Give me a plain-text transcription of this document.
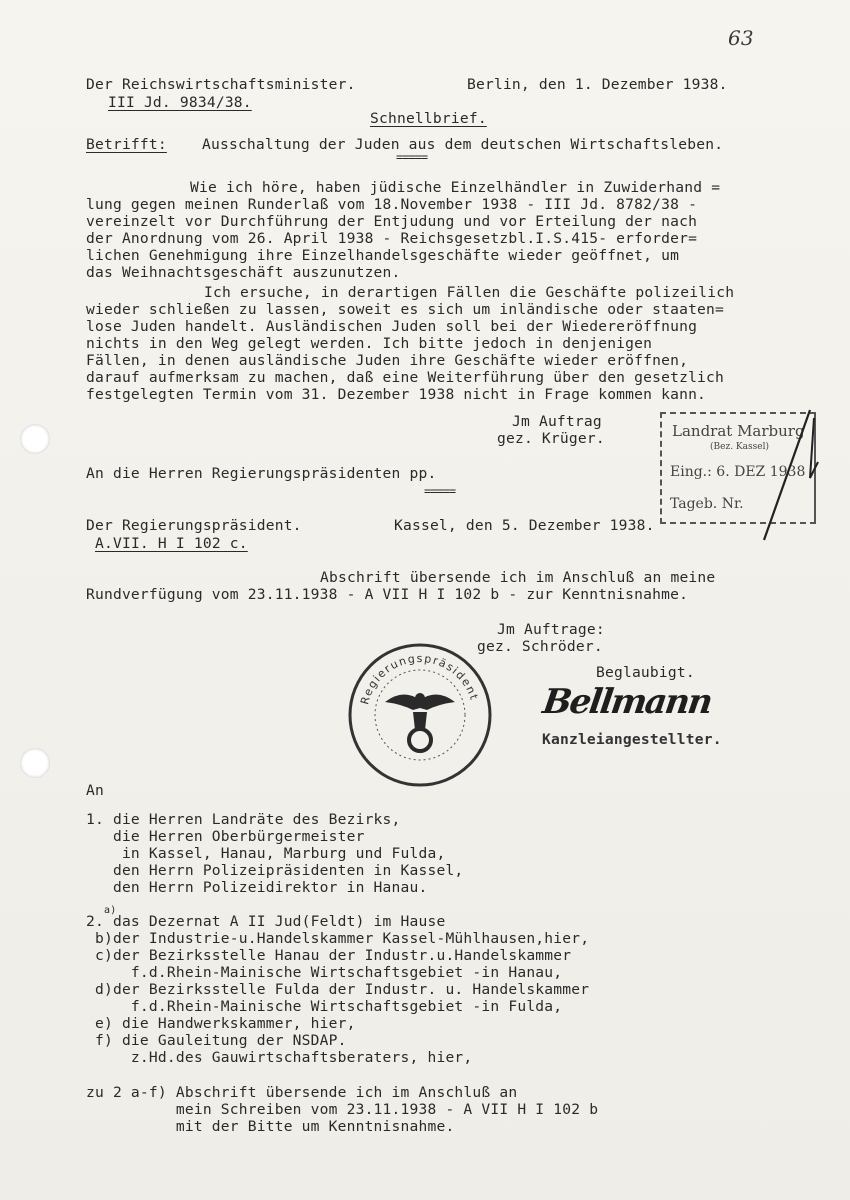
63
Der Reichswirtschaftsminister.	Berlin, den 1. Dezember 1938.
III Jd. 9834/38.
Schnellbrief.
Betrifft: Ausschaltung der Juden aus dem deutschen Wirtschaftsleben.
=====
Wie ich höre, haben jüdische Einzelhändler in Zuwiderhand =
lung gegen meinen Runderlaß vom 18.November 1938 - III Jd. 8782/38 -
vereinzelt vor Durchführung der Entjudung und vor Erteilung der nach
der Anordnung vom 26. April 1938 - Reichsgesetzbl.I.S.415- erforder=
lichen Genehmigung ihre Einzelhandelsgeschäfte wieder geöffnet, um
das Weihnachtsgeschäft auszunutzen.
Ich ersuche, in derartigen Fällen die Geschäfte polizeilich
wieder schließen zu lassen, soweit es sich um inländische oder staaten=
lose Juden handelt. Ausländischen Juden soll bei der Wiedereröffnung
nichts in den Weg gelegt werden. Ich bitte jedoch in denjenigen
Fällen, in denen ausländische Juden ihre Geschäfte wieder eröffnen,
darauf aufmerksam zu machen, daß eine Weiterführung über den gesetzlich
festgelegten Termin vom 31. Dezember 1938 nicht in Frage kommen kann.
Jm Auftrag
gez. Krüger.	Landrat Marburg
(Bez. Kassel)
Eing.: 6. DEZ 1938
Tageb. Nr.
An die Herren Regierungspräsidenten pp.
=====
Der Regierungspräsident.	Kassel, den 5. Dezember 1938.
A.VII. H I 102 c.
Abschrift übersende ich im Anschluß an meine
Rundverfügung vom 23.11.1938 - A VII H I 102 b - zur Kenntnisnahme.
Jm Auftrage:
gez. Schröder.
Beglaubigt.
Bellmann
Kanzleiangestellter.
Regierungspräsident
An
1. die Herren Landräte des Bezirks,
die Herren Oberbürgermeister
in Kassel, Hanau, Marburg und Fulda,
den Herrn Polizeipräsidenten in Kassel,
den Herrn Polizeidirektor in Hanau.
a)
2. das Dezernat A II Jud(Feldt) im Hause
b)der Industrie-u.Handelskammer Kassel-Mühlhausen,hier,
c)der Bezirksstelle Hanau der Industr.u.Handelskammer
f.d.Rhein-Mainische Wirtschaftsgebiet -in Hanau,
d)der Bezirksstelle Fulda der Industr. u. Handelskammer
f.d.Rhein-Mainische Wirtschaftsgebiet -in Fulda,
e) die Handwerkskammer, hier,
f) die Gauleitung der NSDAP.
z.Hd.des Gauwirtschaftsberaters, hier,
zu 2 a-f) Abschrift übersende ich im Anschluß an
mein Schreiben vom 23.11.1938 - A VII H I 102 b
mit der Bitte um Kenntnisnahme.
